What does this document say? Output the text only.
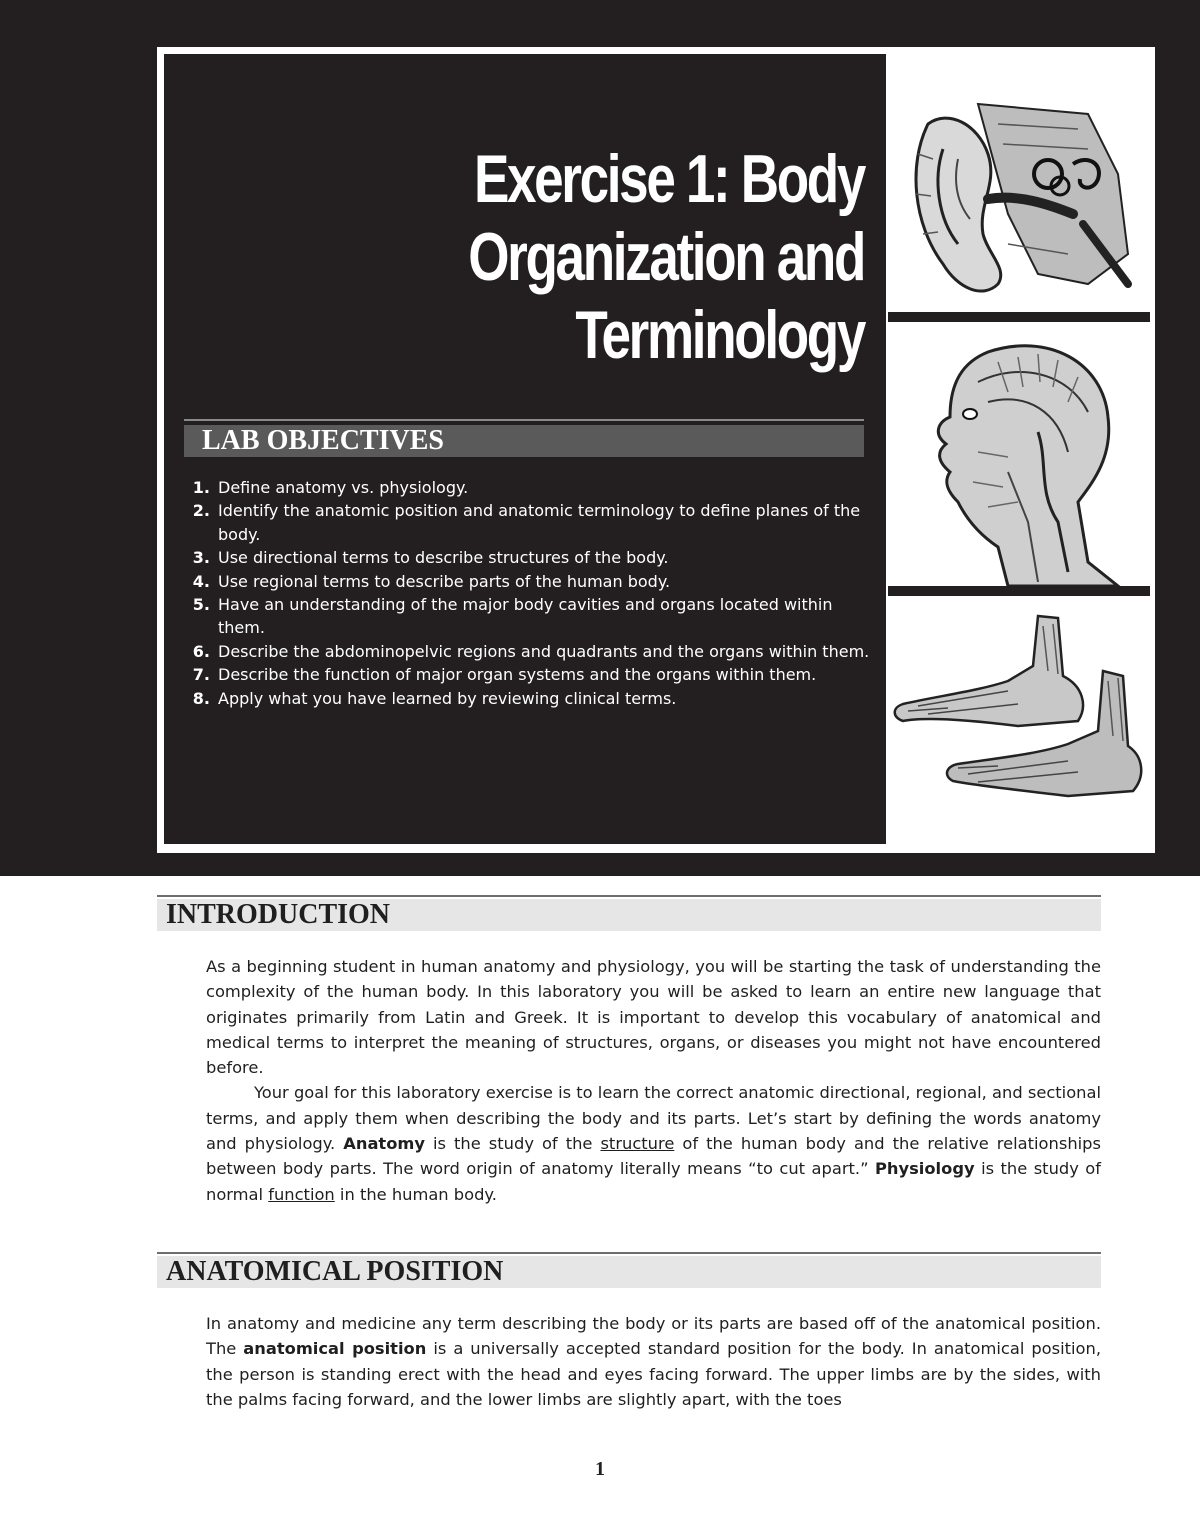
Exercise 1: Body
Organization and
Terminology
LAB OBJECTIVES
1. Define anatomy vs. physiology.
2. Identify the anatomic position and anatomic terminology to define planes of the body.
3. Use directional terms to describe structures of the body.
4. Use regional terms to describe parts of the human body.
5. Have an understanding of the major body cavities and organs located within them.
6. Describe the abdominopelvic regions and quadrants and the organs within them.
7. Describe the function of major organ systems and the organs within them.
8. Apply what you have learned by reviewing clinical terms.
INTRODUCTION

As a beginning student in human anatomy and physiology, you will be starting the task of understanding the complexity of the human body. In this laboratory you will be asked to learn an entire new language that originates primarily from Latin and Greek. It is important to develop this vocabulary of anatomical and medical terms to interpret the meaning of structures, organs, or diseases you might not have encountered before.

Your goal for this laboratory exercise is to learn the correct anatomic directional, regional, and sectional terms, and apply them when describing the body and its parts. Let’s start by defining the words anatomy and physiology. Anatomy is the study of the structure of the human body and the relative relationships between body parts. The word origin of anatomy literally means “to cut apart.” Physiology is the study of normal function in the human body.

ANATOMICAL POSITION

In anatomy and medicine any term describing the body or its parts are based off of the anatomical position. The anatomical position is a universally accepted standard position for the body. In anatomical position, the person is standing erect with the head and eyes facing forward. The upper limbs are by the sides, with the palms facing forward, and the lower limbs are slightly apart, with the toes

1
